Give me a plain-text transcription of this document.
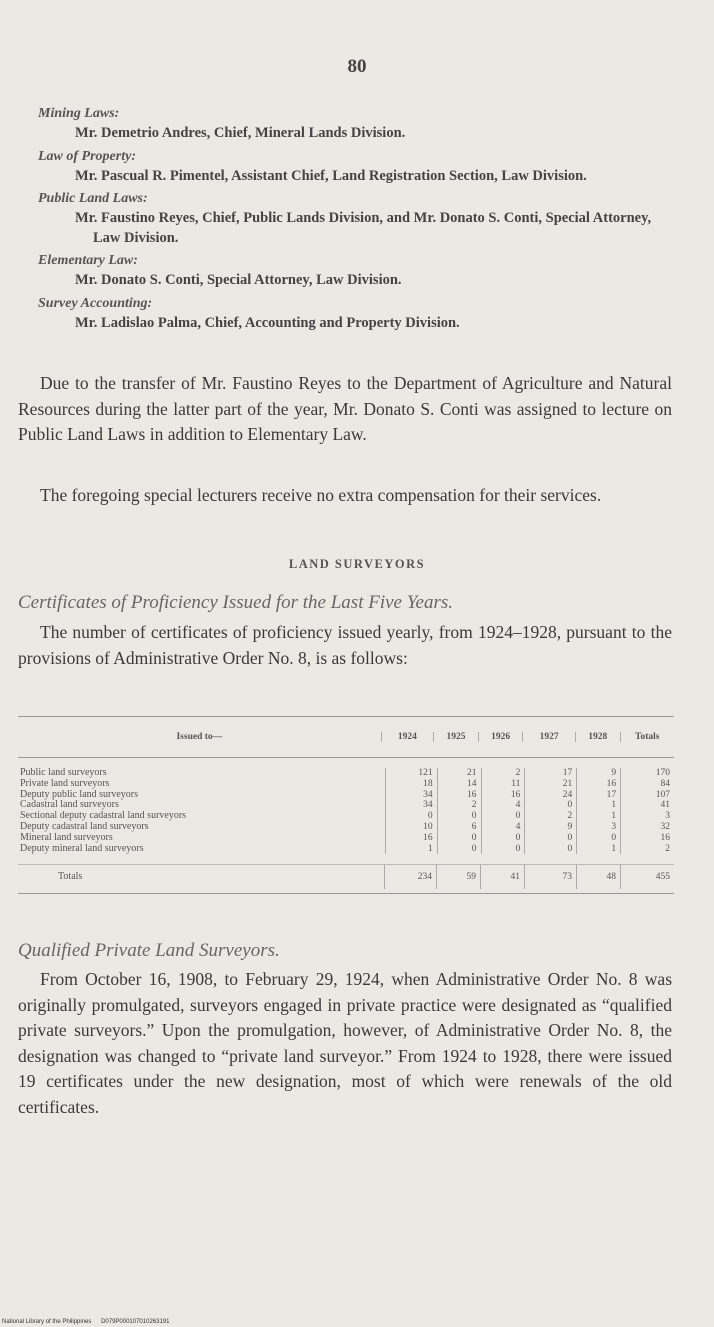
80

Mining Laws:

Mr. Demetrio Andres, Chief, Mineral Lands Division.

Law of Property:

Mr. Pascual R. Pimentel, Assistant Chief, Land Registration Section, Law Division.

Public Land Laws:

Mr. Faustino Reyes, Chief, Public Lands Division, and Mr. Donato S. Conti, Special Attorney, Law Division.

Elementary Law:

Mr. Donato S. Conti, Special Attorney, Law Division.

Survey Accounting:

Mr. Ladislao Palma, Chief, Accounting and Property Division.

Due to the transfer of Mr. Faustino Reyes to the Department of Agriculture and Natural Resources during the latter part of the year, Mr. Donato S. Conti was assigned to lecture on Public Land Laws in addition to Elementary Law.

The foregoing special lecturers receive no extra compensation for their services.

LAND SURVEYORS

Certificates of Proficiency Issued for the Last Five Years.

The number of certificates of proficiency issued yearly, from 1924–1928, pursuant to the provisions of Administrative Order No. 8, is as follows:

Issued to—	1924	1925	1926	1927	1928	Totals
Public land surveyors	121	21	2	17	9	170
Private land surveyors	18	14	11	21	16	84
Deputy public land surveyors	34	16	16	24	17	107
Cadastral land surveyors	34	2	4	0	1	41
Sectional deputy cadastral land surveyors	0	0	0	2	1	3
Deputy cadastral land surveyors	10	6	4	9	3	32
Mineral land surveyors	16	0	0	0	0	16
Deputy mineral land surveyors	1	0	0	0	1	2
Totals	234	59	41	73	48	455

Qualified Private Land Surveyors.

From October 16, 1908, to February 29, 1924, when Administrative Order No. 8 was originally promulgated, surveyors engaged in private practice were designated as “qualified private surveyors.” Upon the promulgation, however, of Administrative Order No. 8, the designation was changed to “private land surveyor.” From 1924 to 1928, there were issued 19 certificates under the new designation, most of which were renewals of the old certificates.

National Library of the Philippines D079P000107010263191
